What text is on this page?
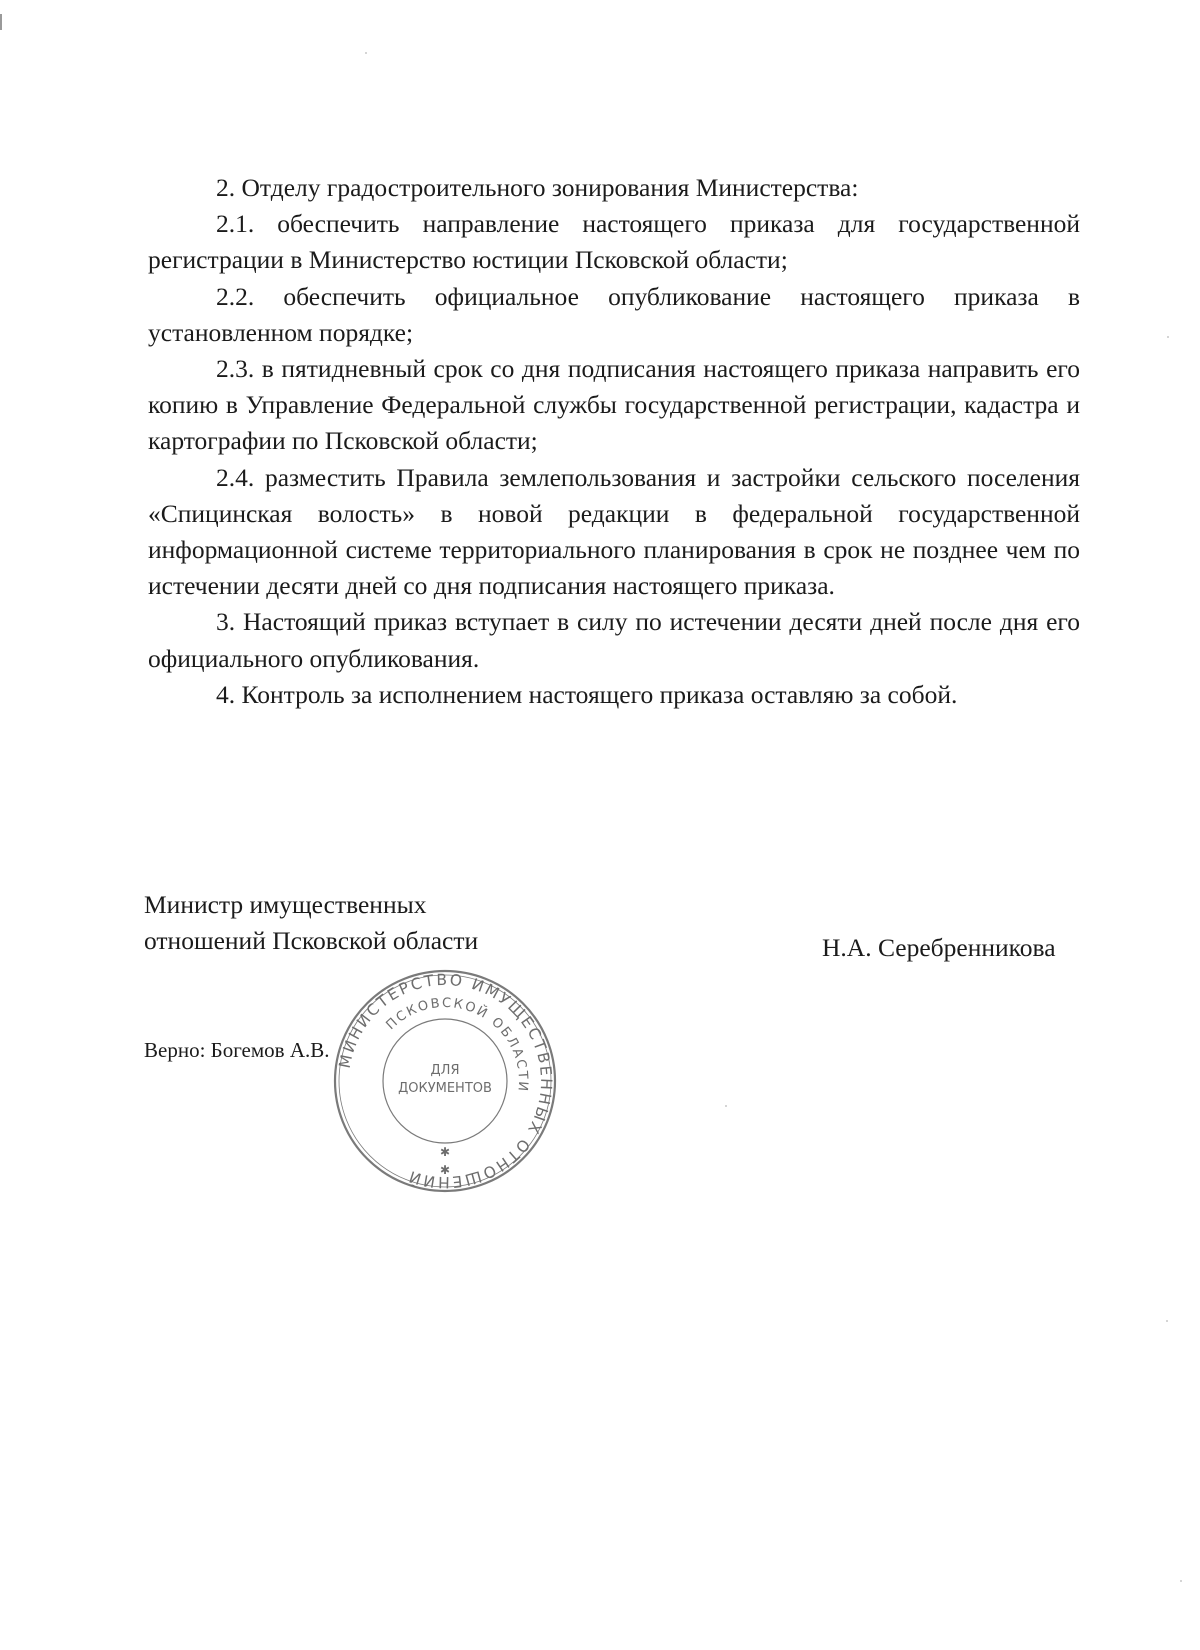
2. Отделу градостроительного зонирования Министерства:

2.1. обеспечить направление настоящего приказа для государственной регистрации в Министерство юстиции Псковской области;

2.2. обеспечить официальное опубликование настоящего приказа в установленном порядке;

2.3. в пятидневный срок со дня подписания настоящего приказа направить его копию в Управление Федеральной службы государственной регистрации, кадастра и картографии по Псковской области;

2.4. разместить Правила землепользования и застройки сельского поселения «Спицинская волость» в новой редакции в федеральной государственной информационной системе территориального планирования в срок не позднее чем по истечении десяти дней со дня подписания настоящего приказа.

3. Настоящий приказ вступает в силу по истечении десяти дней после дня его официального опубликования.

4. Контроль за исполнением настоящего приказа оставляю за собой.

Министр имущественных
отношений Псковской области	Н.А. Серебренникова
Верно: Богемов А.В. МИНИСТЕРСТВО ИМУЩЕСТВЕННЫХ ОТНОШЕНИЙ
ПСКОВСКОЙ ОБЛАСТИ
ДЛЯ
ДОКУМЕНТОВ
✱
✱
